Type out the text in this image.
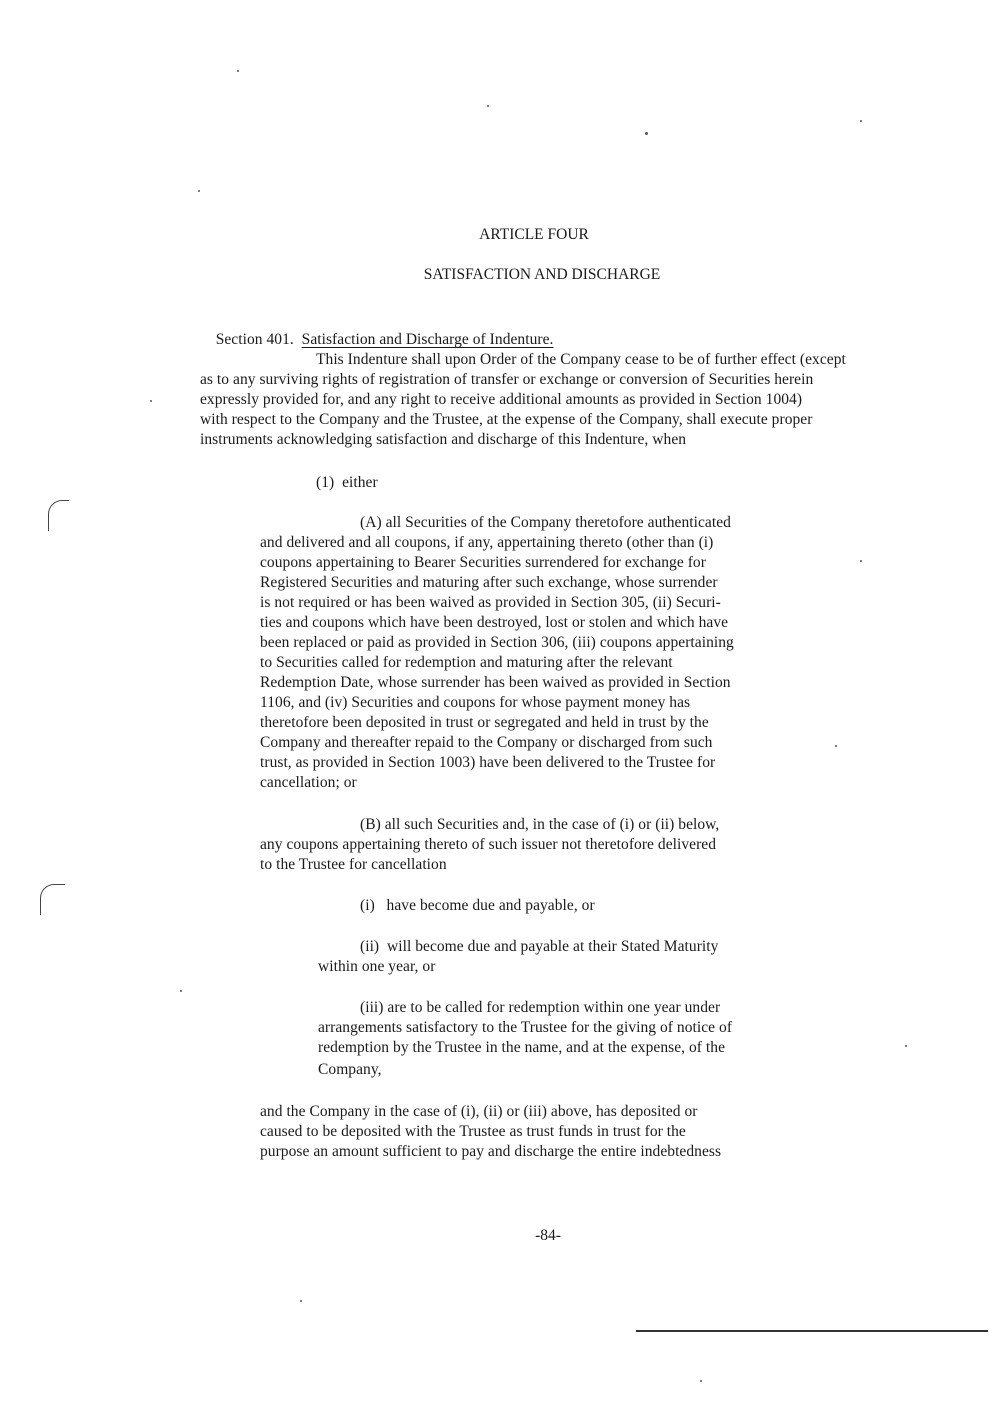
ARTICLE FOUR
SATISFACTION AND DISCHARGE

Section 401. Satisfaction and Discharge of Indenture.

This Indenture shall upon Order of the Company cease to be of further effect (except
as to any surviving rights of registration of transfer or exchange or conversion of Securities herein
expressly provided for, and any right to receive additional amounts as provided in Section 1004)
with respect to the Company and the Trustee, at the expense of the Company, shall execute proper
instruments acknowledging satisfaction and discharge of this Indenture, when
(1)  either
(A) all Securities of the Company theretofore authenticated
and delivered and all coupons, if any, appertaining thereto (other than (i)
coupons appertaining to Bearer Securities surrendered for exchange for
Registered Securities and maturing after such exchange, whose surrender
is not required or has been waived as provided in Section 305, (ii) Securi-
ties and coupons which have been destroyed, lost or stolen and which have
been replaced or paid as provided in Section 306, (iii) coupons appertaining
to Securities called for redemption and maturing after the relevant
Redemption Date, whose surrender has been waived as provided in Section
1106, and (iv) Securities and coupons for whose payment money has
theretofore been deposited in trust or segregated and held in trust by the
Company and thereafter repaid to the Company or discharged from such
trust, as provided in Section 1003) have been delivered to the Trustee for
cancellation; or
(B) all such Securities and, in the case of (i) or (ii) below,
any coupons appertaining thereto of such issuer not theretofore delivered
to the Trustee for cancellation
(i)   have become due and payable, or
(ii)  will become due and payable at their Stated Maturity
within one year, or
(iii) are to be called for redemption within one year under
arrangements satisfactory to the Trustee for the giving of notice of
redemption by the Trustee in the name, and at the expense, of the
Company,
and the Company in the case of (i), (ii) or (iii) above, has deposited or
caused to be deposited with the Trustee as trust funds in trust for the
purpose an amount sufficient to pay and discharge the entire indebtedness
-84-
